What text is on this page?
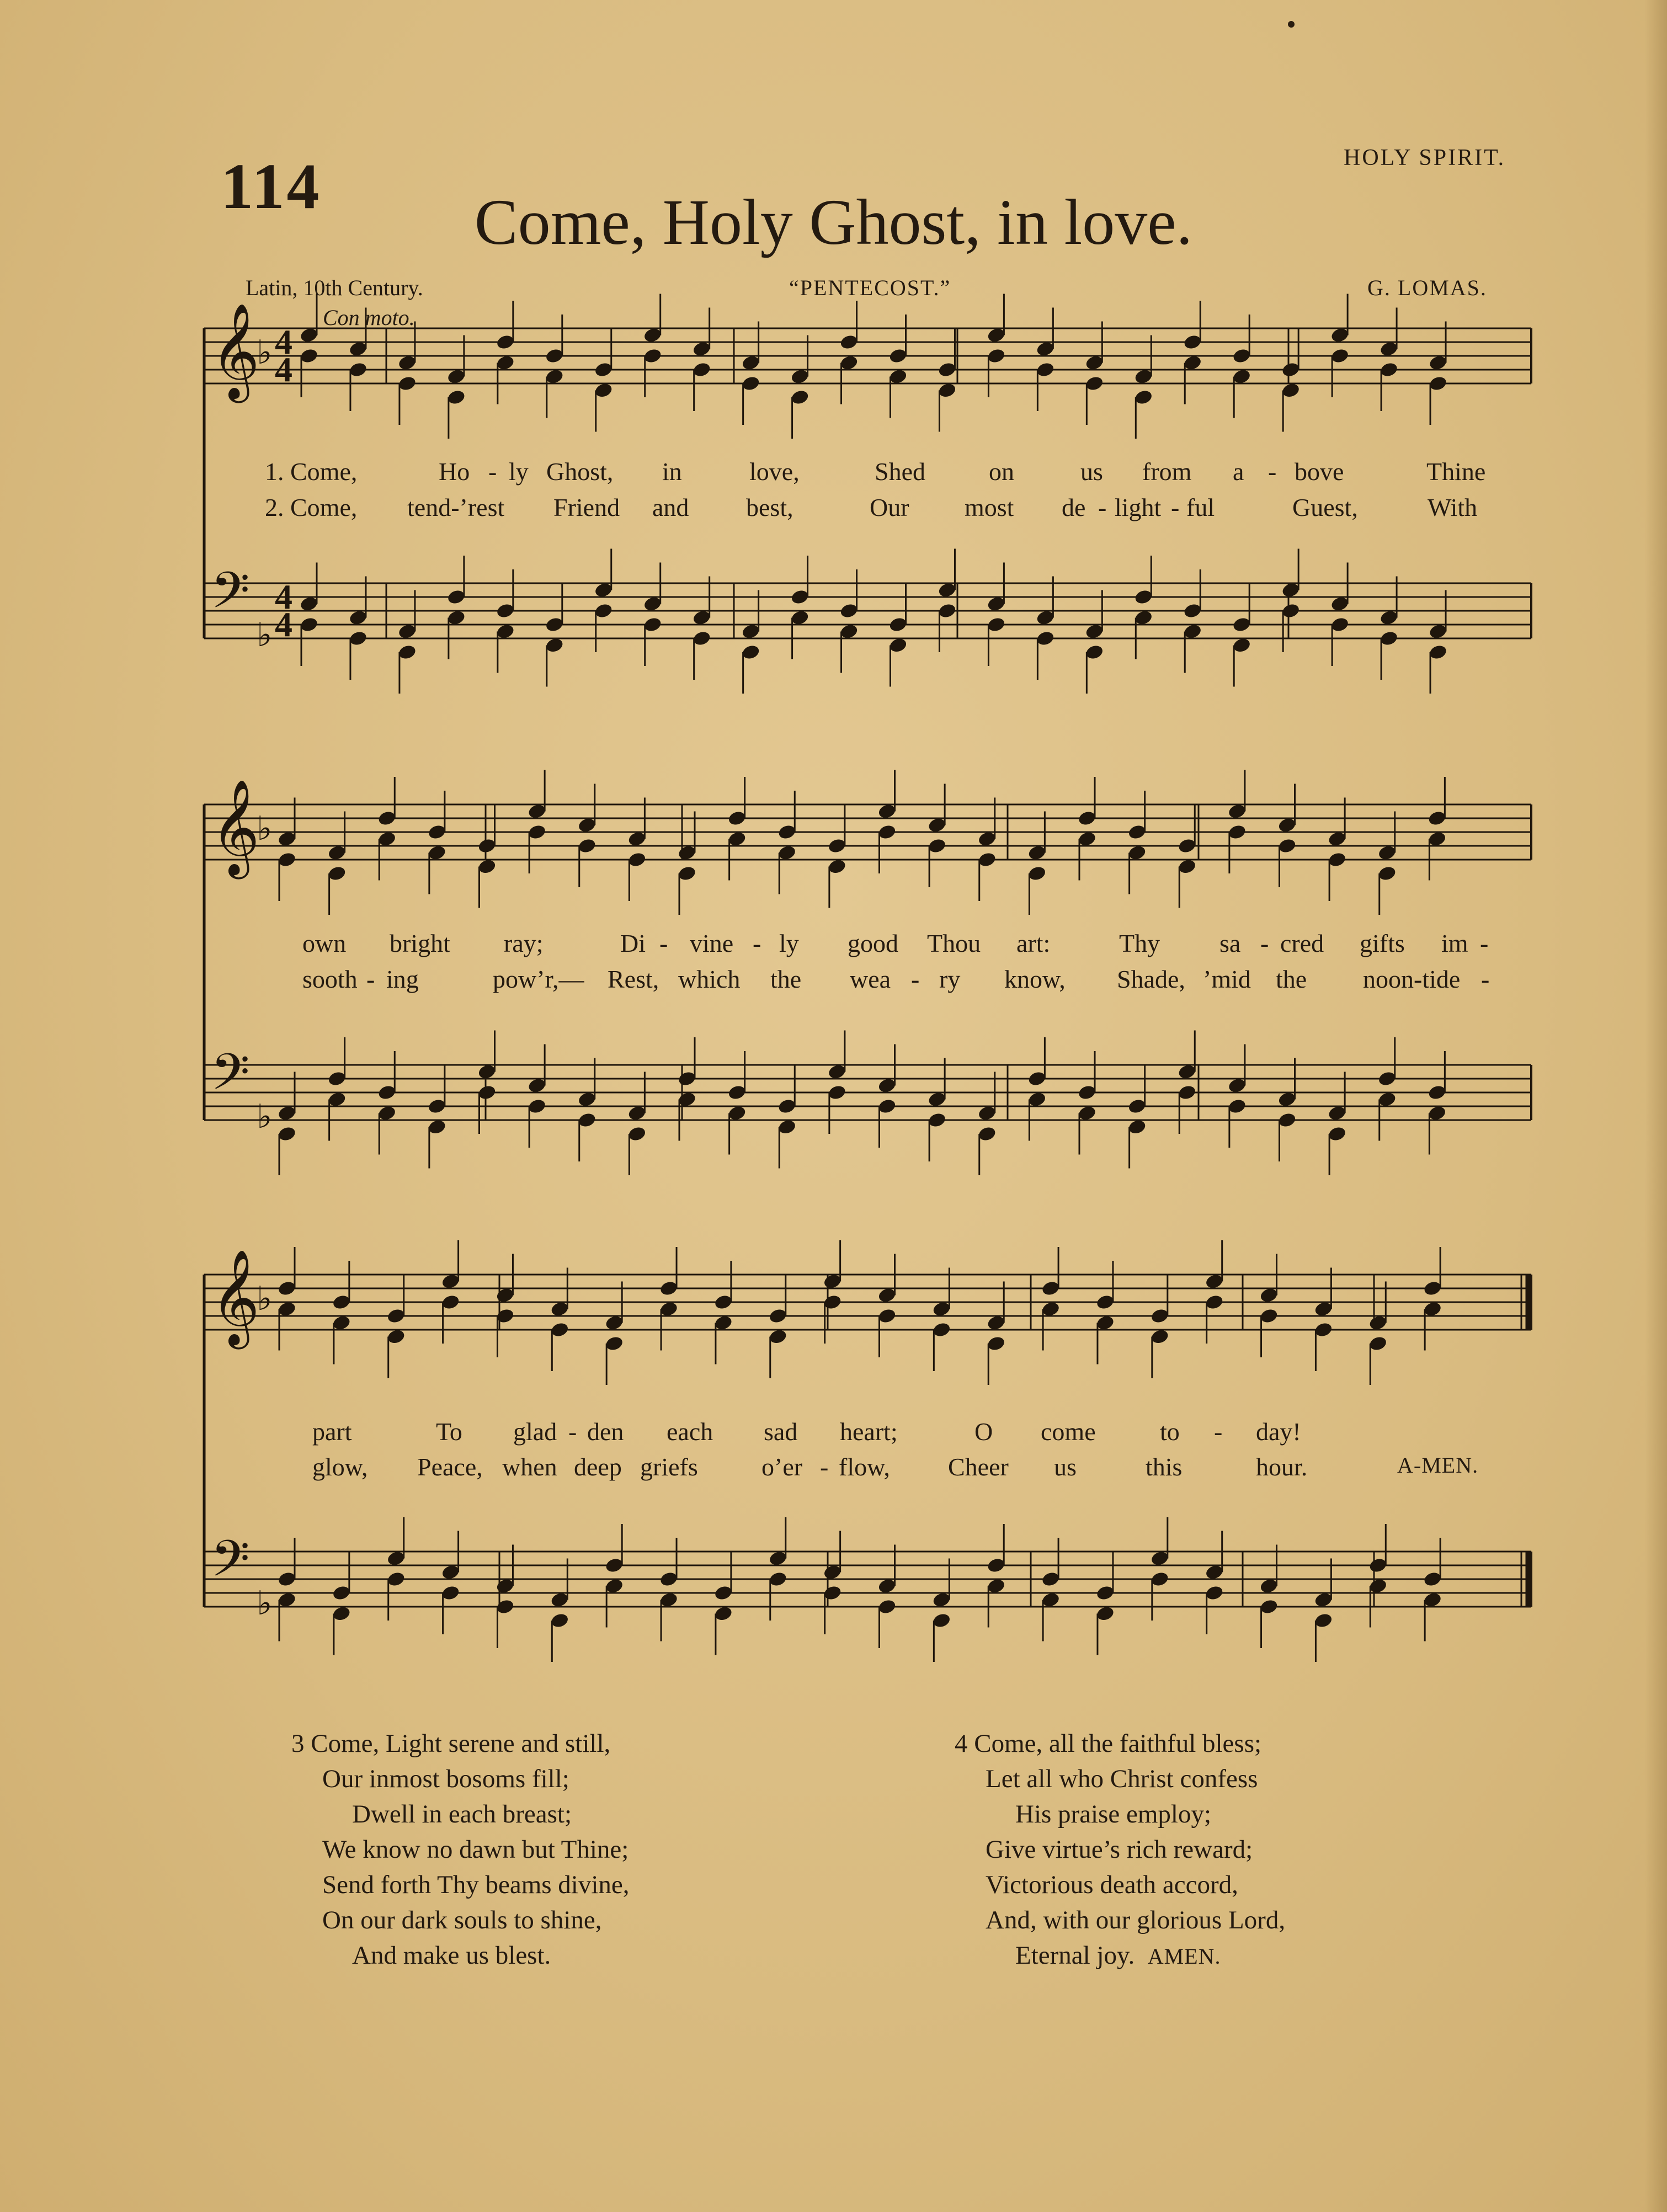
114	HOLY SPIRIT.
Come, Holy Ghost, in love.
Latin, 10th Century.	“PENTECOST.”	G. LOMAS.
Con moto.
𝄞
♭ 4
4
𝄢
♭
4
4
𝄞
♭
𝄢
♭
𝄞
♭
𝄢
♭
1. Come,	Ho - ly Ghost, in	love,	Shed	on	us from a - bove	Thine
2. Come, tend-’rest Friend and best,	Our most de - light - ful	Guest,	With
own bright ray;	Di - vine - ly good Thou art:	Thy sa - cred gifts im -
sooth - ing	pow’r,— Rest, which the wea - ry know, Shade, ’mid the noon-tide -
part	To glad - den each sad heart;	O come	to - day!
glow, Peace, when deep griefs	o’er - flow, Cheer us	this	hour.	A-MEN.
3 Come, Light serene and still,
Our inmost bosoms fill;
Dwell in each breast;
We know no dawn but Thine;
Send forth Thy beams divine,
On our dark souls to shine,
And make us blest.
4 Come, all the faithful bless;
Let all who Christ confess
His praise employ;
Give virtue’s rich reward;
Victorious death accord,
And, with our glorious Lord,
Eternal joy. AMEN.
